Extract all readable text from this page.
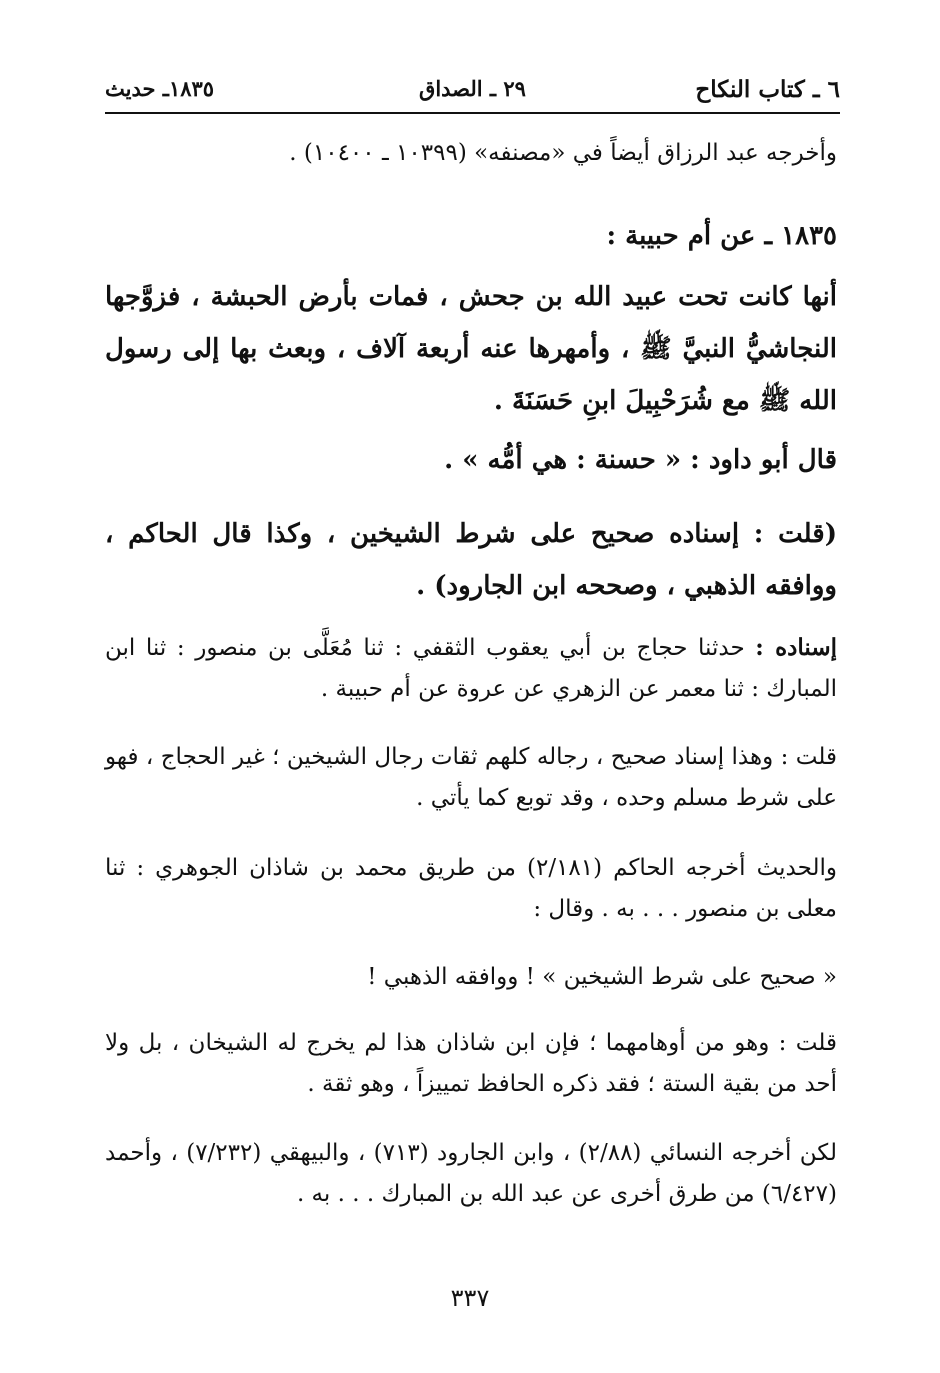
٦ ـ كتاب النكاح
٢٩ ـ الصداق
١٨٣٥ـ حديث
وأخرجه عبد الرزاق أيضاً في «مصنفه» (١٠٣٩٩ ـ ١٠٤٠٠) .
١٨٣٥ ـ عن أم حبيبة :
أنها كانت تحت عبيد الله بن جحش ، فمات بأرض الحبشة ، فزوَّجها النجاشيُّ النبيَّ ﷺ ، وأمهرها عنه أربعة آلاف ، وبعث بها إلى رسول الله ﷺ مع شُرَحْبِيلَ ابنِ حَسَنَةَ .
قال أبو داود : « حسنة : هي أمُّه » .
(قلت : إسناده صحيح على شرط الشيخين ، وكذا قال الحاكم ، ووافقه الذهبي ، وصححه ابن الجارود) .
إسناده : حدثنا حجاج بن أبي يعقوب الثقفي : ثنا مُعَلَّى بن منصور : ثنا ابن المبارك : ثنا معمر عن الزهري عن عروة عن أم حبيبة .
قلت : وهذا إسناد صحيح ، رجاله كلهم ثقات رجال الشيخين ؛ غير الحجاج ، فهو على شرط مسلم وحده ، وقد توبع كما يأتي .
والحديث أخرجه الحاكم (٢/١٨١) من طريق محمد بن شاذان الجوهري : ثنا معلى بن منصور . . . به . وقال :
« صحيح على شرط الشيخين » ! ووافقه الذهبي !
قلت : وهو من أوهامهما ؛ فإن ابن شاذان هذا لم يخرج له الشيخان ، بل ولا أحد من بقية الستة ؛ فقد ذكره الحافظ تمييزاً ، وهو ثقة .
لكن أخرجه النسائي (٢/٨٨) ، وابن الجارود (٧١٣) ، والبيهقي (٧/٢٣٢) ، وأحمد (٦/٤٢٧) من طرق أخرى عن عبد الله بن المبارك . . . به .
٣٣٧
